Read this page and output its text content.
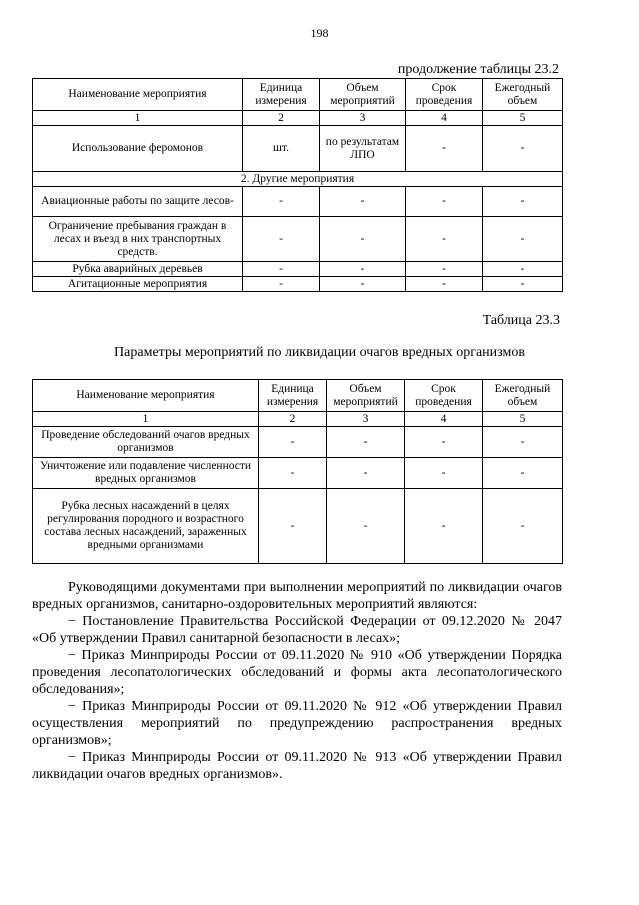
198
продолжение таблицы 23.2
Наименование мероприятия	Единица измерения	Объем мероприятий	Срок проведения	Ежегодный объем
1	2	3	4	5
Использование феромонов	шт.	по результатам ЛПО	-	-
2. Другие мероприятия				
Авиационные работы по защите лесов-	-	-	-	-
Ограничение пребывания граждан в лесах и въезд в них транспортных средств.	-	-	-	-
Рубка аварийных деревьев	-	-	-	-
Агитационные мероприятия	-	-	-	-
Таблица 23.3
Параметры мероприятий по ликвидации очагов вредных организмов
Наименование мероприятия	Единица измерения	Объем мероприятий	Срок проведения	Ежегодный объем
1	2	3	4	5
Проведение обследований очагов вредных организмов	-	-	-	-
Уничтожение или подавление численности вредных организмов	-	-	-	-
Рубка лесных насаждений в целях регулирования породного и возрастного состава лесных насаждений, зараженных вредными организмами	-	-	-	-

Руководящими документами при выполнении мероприятий по ликвидации очагов вредных организмов, санитарно-оздоровительных мероприятий являются:

− Постановление Правительства Российской Федерации от 09.12.2020 № 2047 «Об утверждении Правил санитарной безопасности в лесах»;

− Приказ Минприроды России от 09.11.2020 № 910 «Об утверждении Порядка проведения лесопатологических обследований и формы акта лесопатологического обследования»;

− Приказ Минприроды России от 09.11.2020 № 912 «Об утверждении Правил осуществления мероприятий по предупреждению распространения вредных организмов»;

− Приказ Минприроды России от 09.11.2020 № 913 «Об утверждении Правил ликвидации очагов вредных организмов».
